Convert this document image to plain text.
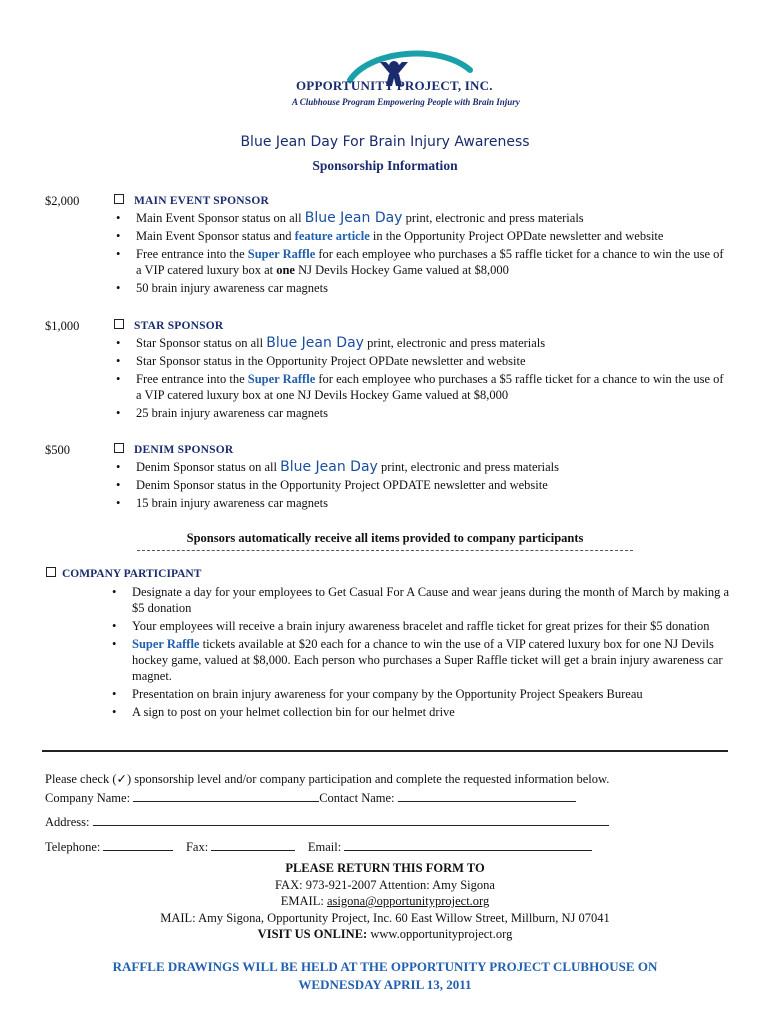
OPPORTUNITY PROJECT, INC.
A Clubhouse Program Empowering People with Brain Injury
Blue Jean Day For Brain Injury Awareness
Sponsorship Information
$2,000	MAIN EVENT SPONSOR
• Main Event Sponsor status on all Blue Jean Day print, electronic and press materials
• Main Event Sponsor status and feature article in the Opportunity Project OPDate newsletter and website
• Free entrance into the Super Raffle for each employee who purchases a $5 raffle ticket for a chance to win the use of a VIP catered luxury box at one NJ Devils Hockey Game valued at $8,000
• 50 brain injury awareness car magnets
$1,000	STAR SPONSOR
• Star Sponsor status on all Blue Jean Day print, electronic and press materials
• Star Sponsor status in the Opportunity Project OPDate newsletter and website
• Free entrance into the Super Raffle for each employee who purchases a $5 raffle ticket for a chance to win the use of a VIP catered luxury box at one NJ Devils Hockey Game valued at $8,000
• 25 brain injury awareness car magnets
$500	DENIM SPONSOR
• Denim Sponsor status on all Blue Jean Day print, electronic and press materials
• Denim Sponsor status in the Opportunity Project OPDATE newsletter and website
• 15 brain injury awareness car magnets
Sponsors automatically receive all items provided to company participants
COMPANY PARTICIPANT
• Designate a day for your employees to Get Casual For A Cause and wear jeans during the month of March by making a $5 donation
• Your employees will receive a brain injury awareness bracelet and raffle ticket for great prizes for their $5 donation
• Super Raffle tickets available at $20 each for a chance to win the use of a VIP catered luxury box for one NJ Devils hockey game, valued at $8,000. Each person who purchases a Super Raffle ticket will get a brain injury awareness car magnet.
• Presentation on brain injury awareness for your company by the Opportunity Project Speakers Bureau
• A sign to post on your helmet collection bin for our helmet drive
Please check (✓) sponsorship level and/or company participation and complete the requested information below.
Company Name:	Contact Name:
Address:
Telephone:	Fax:	Email:
PLEASE RETURN THIS FORM TO
FAX: 973-921-2007 Attention: Amy Sigona
EMAIL: asigona@opportunityproject.org
MAIL: Amy Sigona, Opportunity Project, Inc. 60 East Willow Street, Millburn, NJ 07041
VISIT US ONLINE: www.opportunityproject.org
RAFFLE DRAWINGS WILL BE HELD AT THE OPPORTUNITY PROJECT CLUBHOUSE ON
WEDNESDAY APRIL 13, 2011
